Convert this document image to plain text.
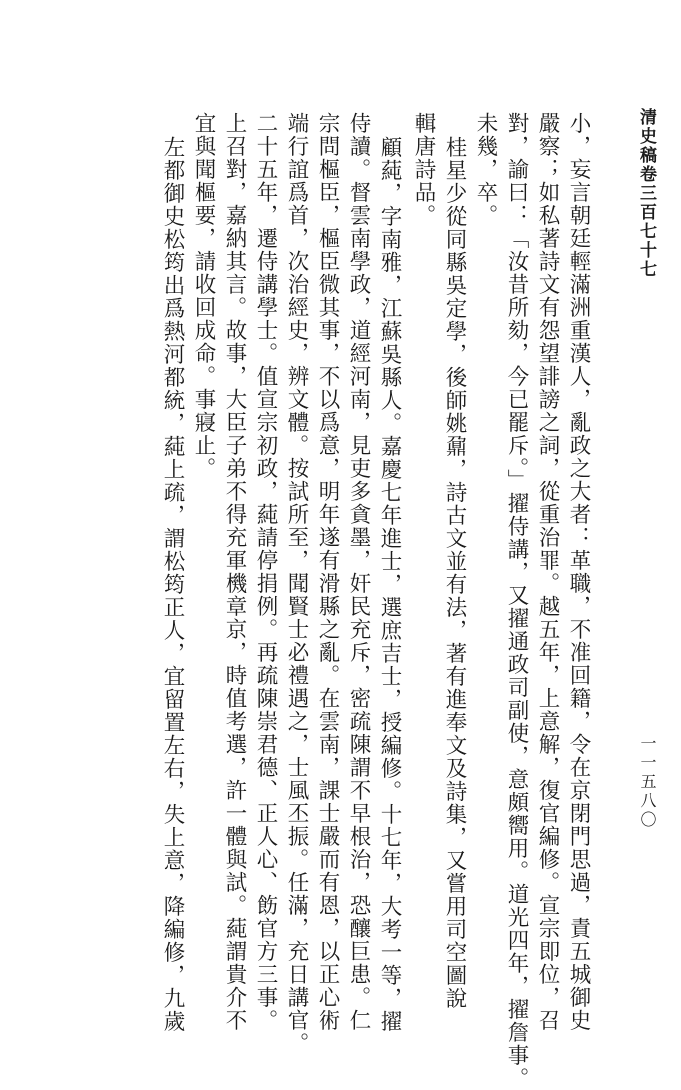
清史稿卷三百七十七
一一五八〇

小，妄言朝廷輕滿洲重漢人，亂政之大者：革職，不准回籍，令在京閉門思過，責五城御史

嚴察；如私著詩文有怨望誹謗之詞，從重治罪。越五年，上意解，復官編修。宣宗即位，召

對，諭曰：「汝昔所劾，今已罷斥。」擢侍講，又擢通政司副使，意頗嚮用。道光四年，擢詹事。

未幾，卒。

桂星少從同縣吳定學，後師姚鼐，詩古文並有法，著有進奉文及詩集，又嘗用司空圖說

輯唐詩品。

顧蒓，字南雅，江蘇吳縣人。嘉慶七年進士，選庶吉士，授編修。十七年，大考一等，擢

侍讀。督雲南學政，道經河南，見吏多貪墨，奸民充斥，密疏陳謂不早根治，恐釀巨患。仁

宗問樞臣，樞臣微其事，不以爲意，明年遂有滑縣之亂。在雲南，課士嚴而有恩，以正心術

端行誼爲首，次治經史，辨文體。按試所至，聞賢士必禮遇之，士風丕振。任滿，充日講官。

二十五年，遷侍講學士。值宣宗初政，蒓請停捐例。再疏陳崇君德、正人心、飭官方三事。

上召對，嘉納其言。故事，大臣子弟不得充軍機章京，時值考選，許一體與試。蒓謂貴介不

宜與聞樞要，請收回成命。事寢止。

左都御史松筠出爲熱河都統，蒓上疏，謂松筠正人，宜留置左右，失上意，降編修，九歲
